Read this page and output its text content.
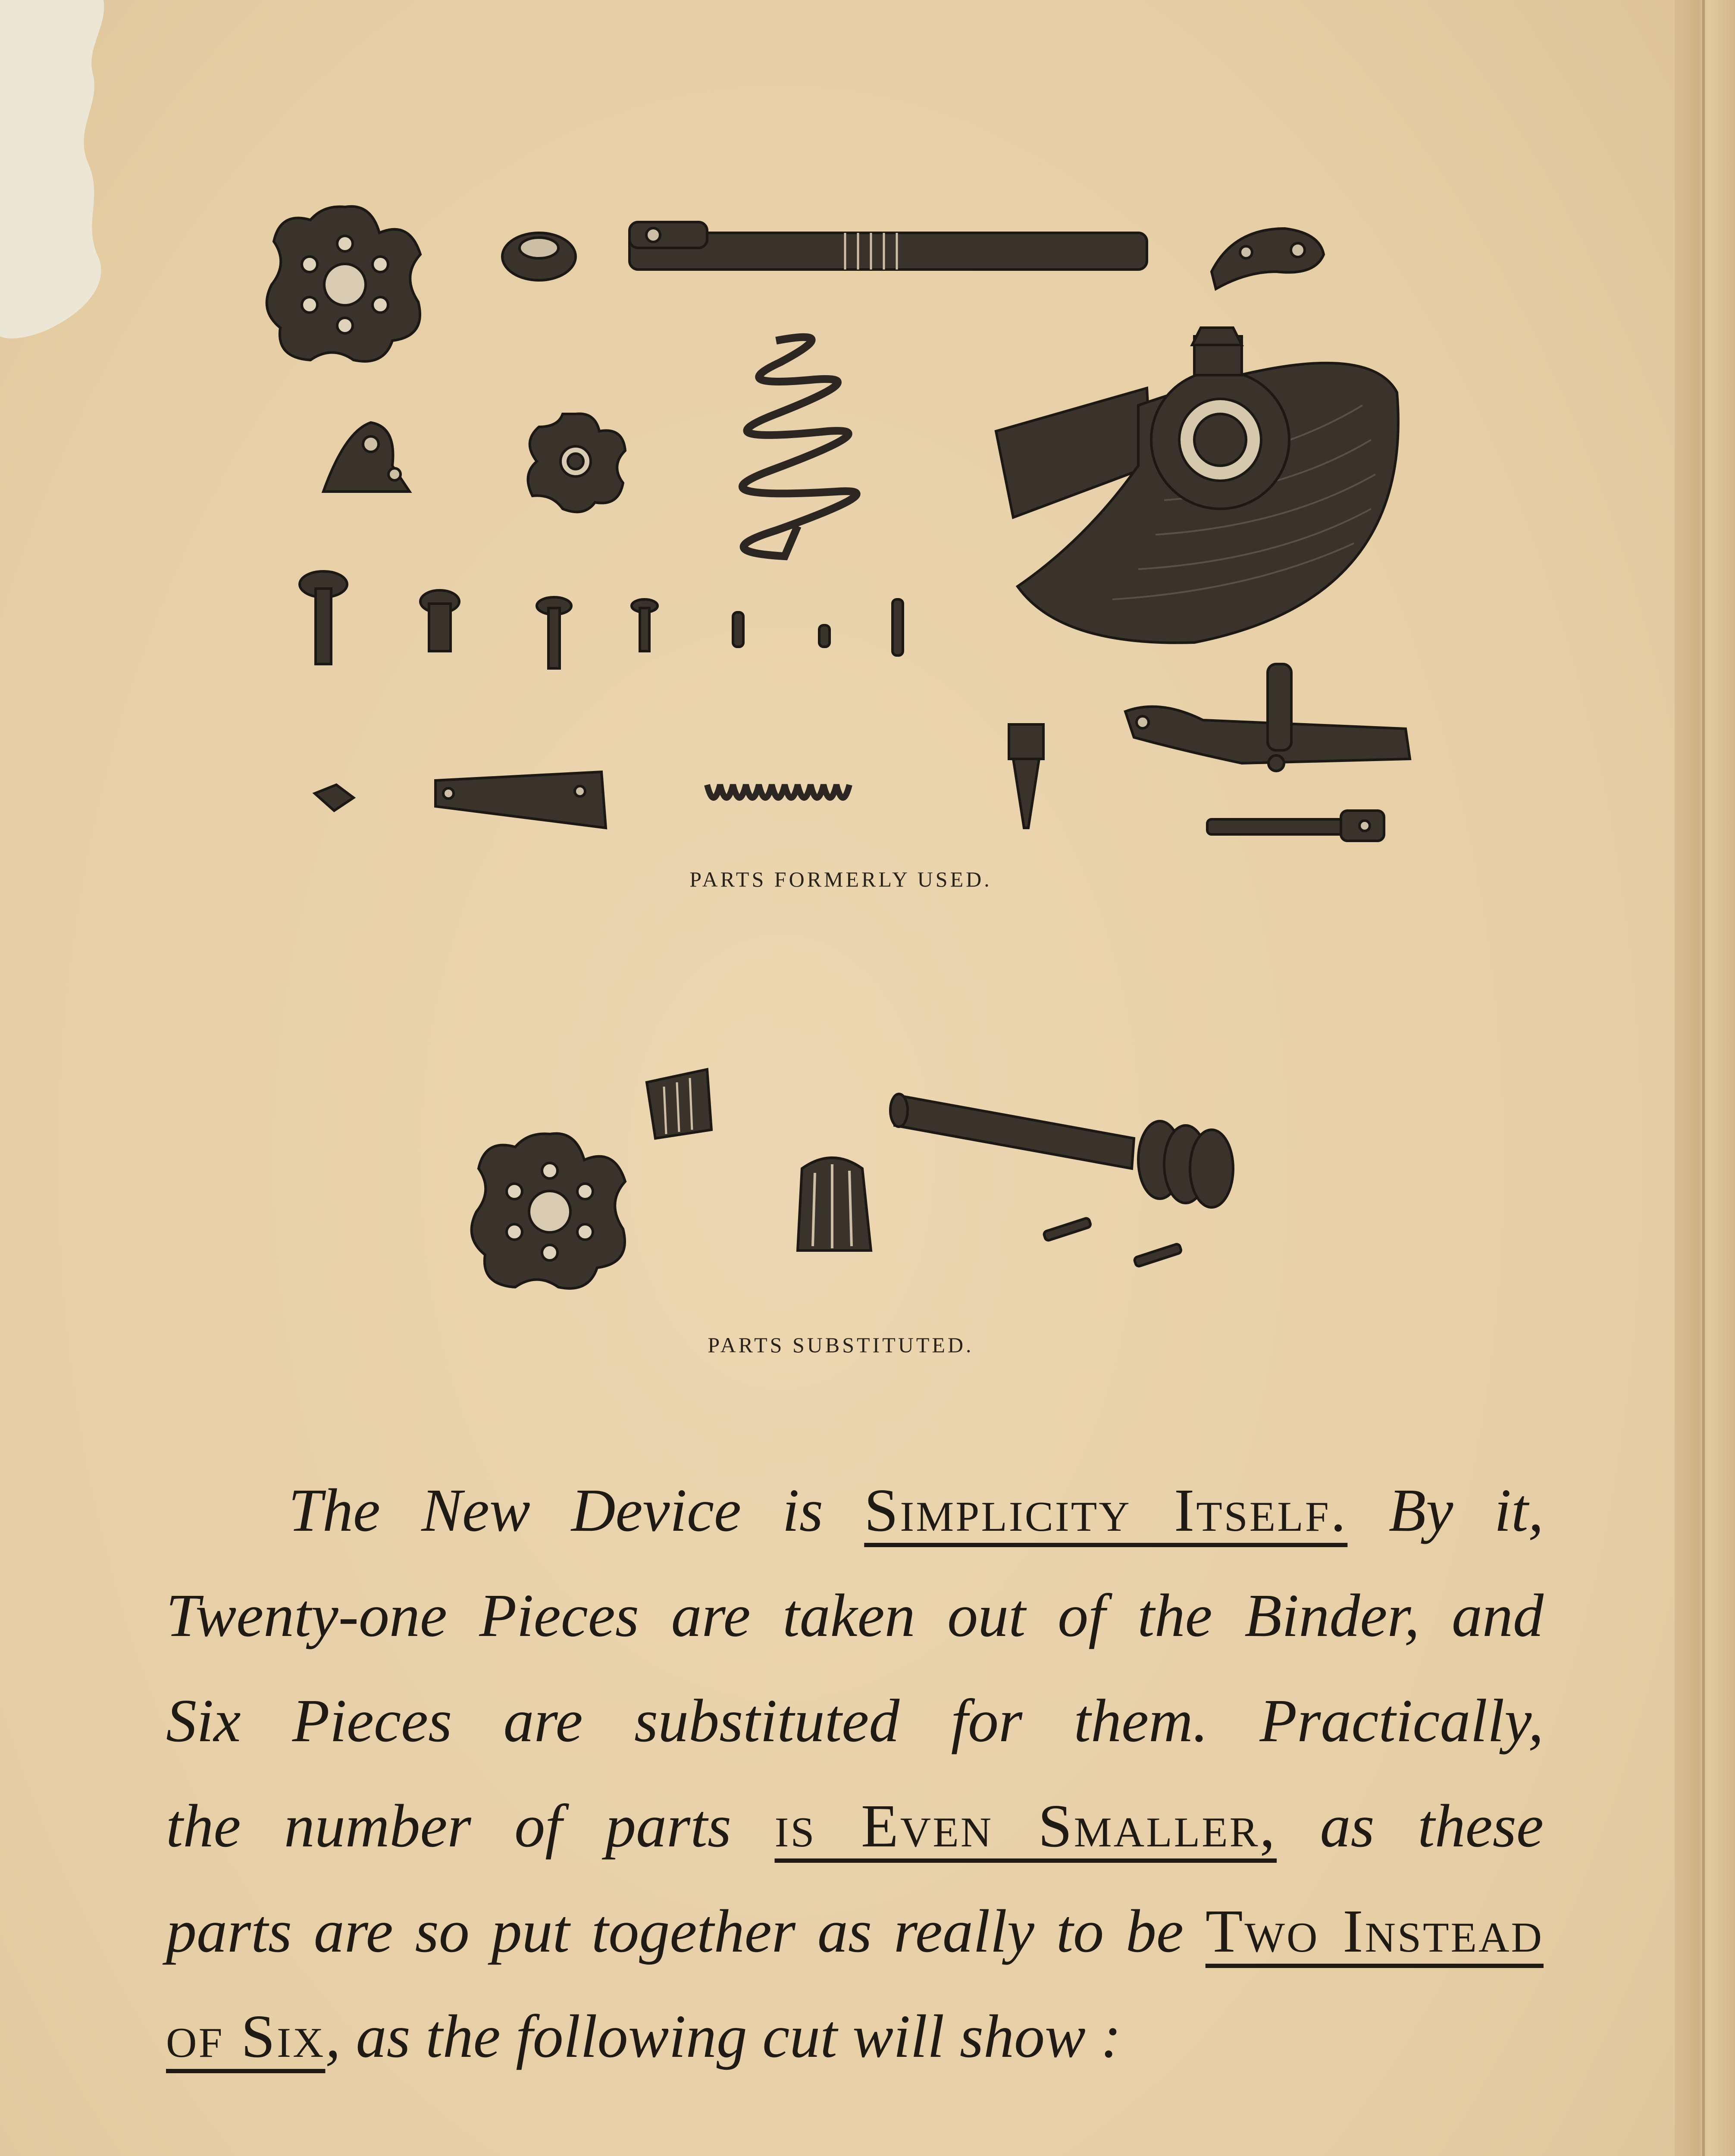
PARTS FORMERLY USED.
PARTS SUBSTITUTED.
  The New Device is Simplicity Itself. By it,
Twenty-one Pieces are taken out of the Binder, and
Six Pieces are substituted for them. Practically,
the number of parts is Even Smaller, as these
parts are so put together as really to be Two Instead
of Six, as the following cut will show :
